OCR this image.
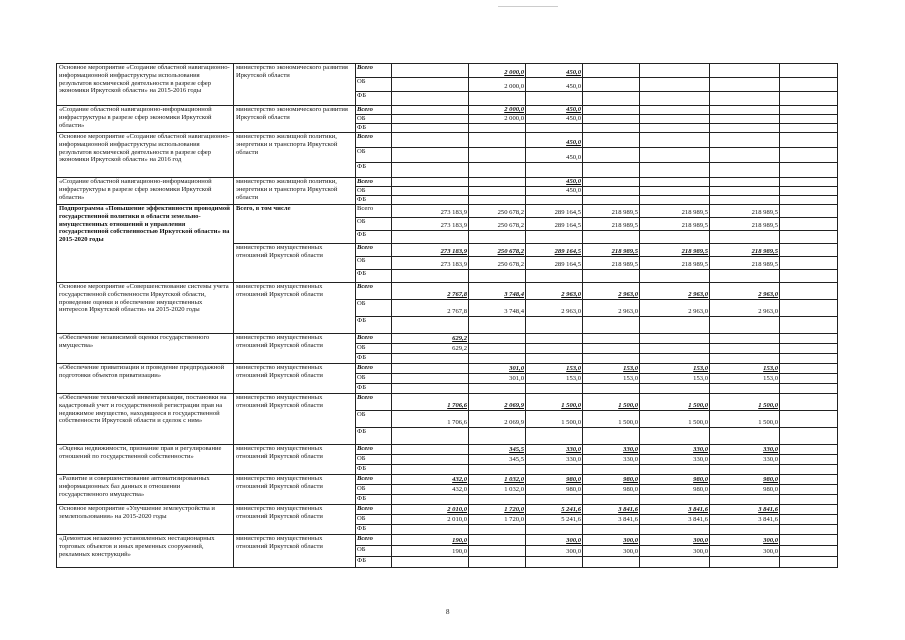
Основное мероприятие «Создание областной навигационно-информационной инфраструктуры использования результатов космической деятельности в разрезе сфер экономики Иркутской области» на 2015-2016 годы	министерство экономического развития Иркутской области	Всего		2 000,0	450,0				
		ОБ		2 000,0	450,0				
		ФБ							
«Создание областной навигационно-информационной инфраструктуры в разрезе сфер экономики Иркутской области»	министерство экономического развития Иркутской области	Всего		2 000,0	450,0				
		ОБ		2 000,0	450,0				
		ФБ							
Основное мероприятие «Создание областной навигационно-информационной инфраструктуры использования результатов космической деятельности в разрезе сфер экономики Иркутской области» на 2016 год	министерство жилищной политики, энергетики и транспорта Иркутской области	Всего			450,0				
		ОБ			450,0				
		ФБ							
«Создание областной навигационно-информационной инфраструктуры в разрезе сфер экономики Иркутской области»	министерство жилищной политики, энергетики и транспорта Иркутской области	Всего			450,0				
		ОБ			450,0				
		ФБ							
Подпрограмма «Повышение эффективности проводимой государственной политики в области земельно-имущественных отношений и управления государственной собственностью Иркутской области» на 2015-2020 годы	Всего, в том числе	Всего	273 183,9	250 678,2	289 164,5	218 989,5	218 989,5	218 989,5	
		ОБ	273 183,9	250 678,2	289 164,5	218 989,5	218 989,5	218 989,5	
		ФБ							
	министерство имущественных отношений Иркутской области	Всего	273 183,9	250 678,2	289 164,5	218 989,5	218 989,5	218 989,5	
		ОБ	273 183,9	250 678,2	289 164,5	218 989,5	218 989,5	218 989,5	
		ФБ							
Основное мероприятие «Совершенствование системы учета государственной собственности Иркутской области, проведение оценки и обеспечение имущественных интересов Иркутской области» на 2015-2020 годы	министерство имущественных отношений Иркутской области	Всего	2 767,8	3 748,4	2 963,0	2 963,0	2 963,0	2 963,0	
		ОБ	2 767,8	3 748,4	2 963,0	2 963,0	2 963,0	2 963,0	
		ФБ							
«Обеспечение независимой оценки государственного имущества»	министерство имущественных отношений Иркутской области	Всего	629,2						
		ОБ	629,2						
		ФБ							
«Обеспечение приватизации и проведение предпродажной подготовки объектов приватизации»	министерство имущественных отношений Иркутской области	Всего		301,0	153,0	153,0	153,0	153,0	
		ОБ		301,0	153,0	153,0	153,0	153,0	
		ФБ							
«Обеспечение технической инвентаризации, постановки на кадастровый учет и государственной регистрации прав на недвижимое имущество, находящееся в государственной собственности Иркутской области и сделок с ним»	министерство имущественных отношений Иркутской области	Всего	1 706,6	2 069,9	1 500,0	1 500,0	1 500,0	1 500,0	
		ОБ	1 706,6	2 069,9	1 500,0	1 500,0	1 500,0	1 500,0	
		ФБ							
«Оценка недвижимости, признание прав и регулирование отношений по государственной собственности»	министерство имущественных отношений Иркутской области	Всего		345,5	330,0	330,0	330,0	330,0	
		ОБ		345,5	330,0	330,0	330,0	330,0	
		ФБ							
«Развитие и совершенствование автоматизированных информационных баз данных в отношении государственного имущества»	министерство имущественных отношений Иркутской области	Всего	432,0	1 032,0	980,0	980,0	980,0	980,0	
		ОБ	432,0	1 032,0	980,0	980,0	980,0	980,0	
		ФБ							
Основное мероприятие «Улучшение землеустройства и землепользования» на 2015-2020 годы	министерство имущественных отношений Иркутской области	Всего	2 010,0	1 720,0	5 241,6	3 841,6	3 841,6	3 841,6	
		ОБ	2 010,0	1 720,0	5 241,6	3 841,6	3 841,6	3 841,6	
		ФБ							
«Демонтаж незаконно установленных нестационарных торговых объектов и иных временных сооружений, рекламных конструкций»	министерство имущественных отношений Иркутской области	Всего	190,0		300,0	300,0	300,0	300,0	
		ОБ	190,0		300,0	300,0	300,0	300,0	
		ФБ							
8
